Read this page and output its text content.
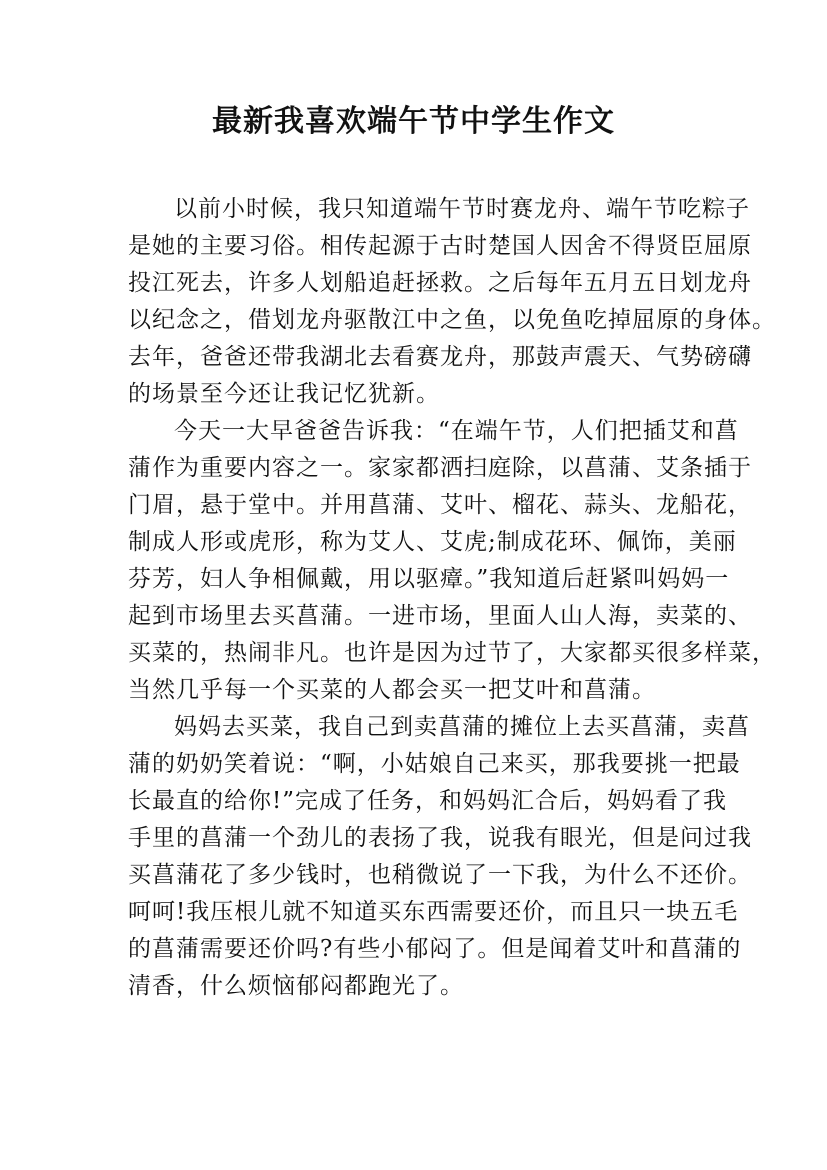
最新我喜欢端午节中学生作文
以前小时候，我只知道端午节时赛龙舟、端午节吃粽子
是她的主要习俗。相传起源于古时楚国人因舍不得贤臣屈原
投江死去，许多人划船追赶拯救。之后每年五月五日划龙舟
以纪念之，借划龙舟驱散江中之鱼，以免鱼吃掉屈原的身体。
去年，爸爸还带我湖北去看赛龙舟，那鼓声震天、气势磅礴
的场景至今还让我记忆犹新。
今天一大早爸爸告诉我：“在端午节，人们把插艾和菖
蒲作为重要内容之一。家家都洒扫庭除，以菖蒲、艾条插于
门眉，悬于堂中。并用菖蒲、艾叶、榴花、蒜头、龙船花，
制成人形或虎形，称为艾人、艾虎;制成花环、佩饰，美丽
芬芳，妇人争相佩戴，用以驱瘴。”我知道后赶紧叫妈妈一
起到市场里去买菖蒲。一进市场，里面人山人海，卖菜的、
买菜的，热闹非凡。也许是因为过节了，大家都买很多样菜，
当然几乎每一个买菜的人都会买一把艾叶和菖蒲。
妈妈去买菜，我自己到卖菖蒲的摊位上去买菖蒲，卖菖
蒲的奶奶笑着说：“啊，小姑娘自己来买，那我要挑一把最
长最直的给你!”完成了任务，和妈妈汇合后，妈妈看了我
手里的菖蒲一个劲儿的表扬了我，说我有眼光，但是问过我
买菖蒲花了多少钱时，也稍微说了一下我，为什么不还价。
呵呵!我压根儿就不知道买东西需要还价，而且只一块五毛
的菖蒲需要还价吗?有些小郁闷了。但是闻着艾叶和菖蒲的
清香，什么烦恼郁闷都跑光了。
